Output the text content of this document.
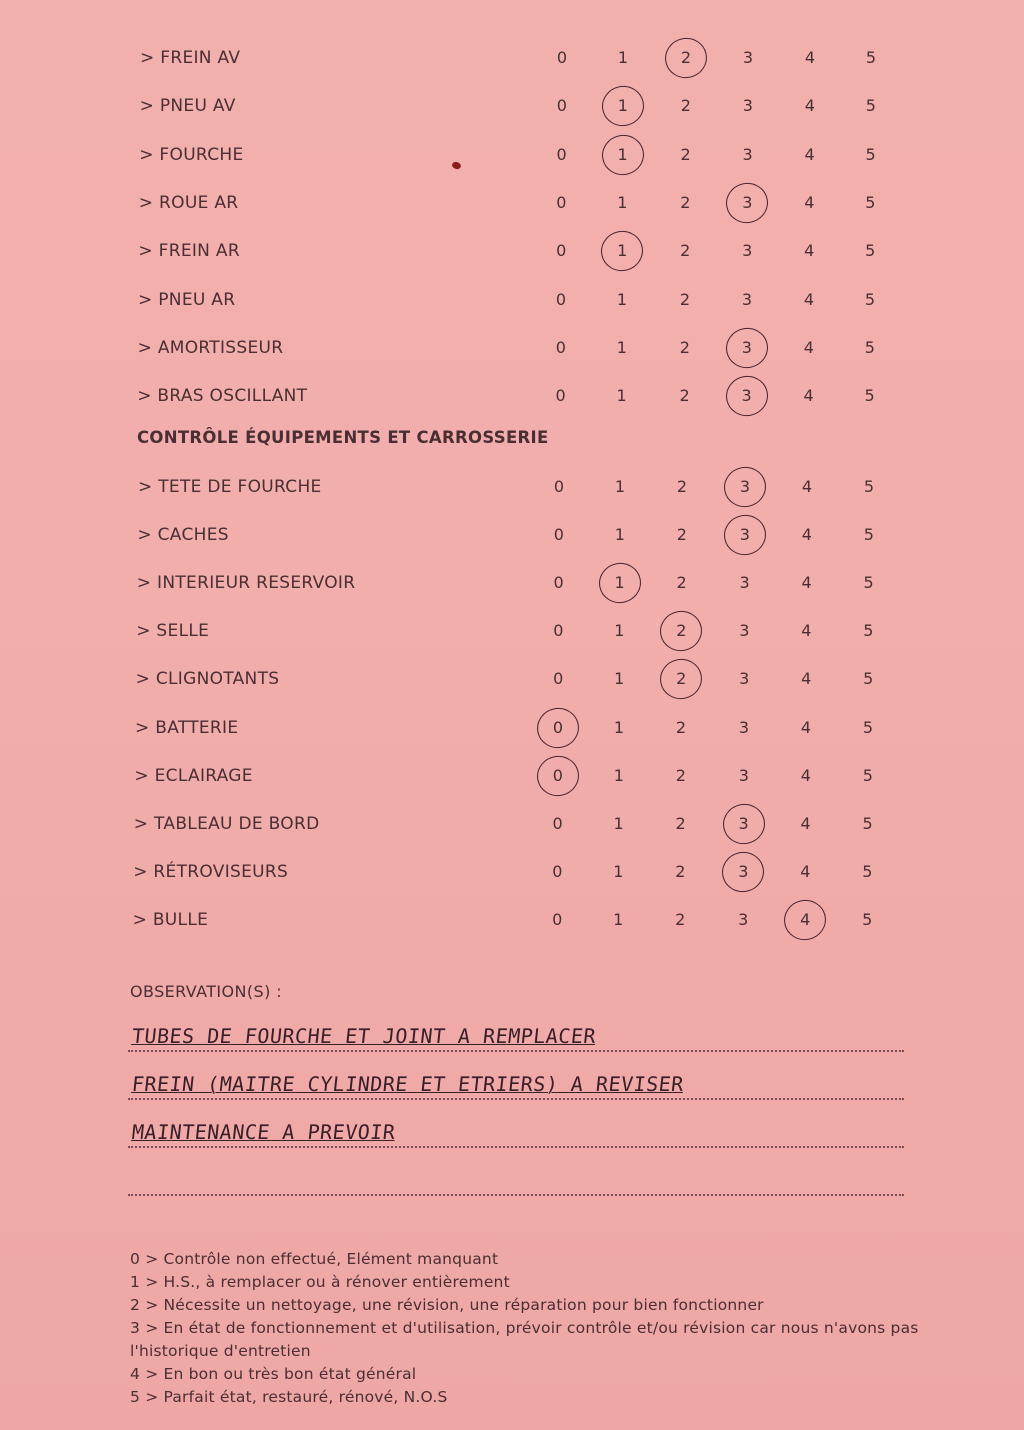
> FREIN AV	0	1	2	3	4	5
> PNEU AV	0	1	2	3	4	5
> FOURCHE	0	1	2	3	4	5
> ROUE AR	0	1	2	3	4	5
> FREIN AR	0	1	2	3	4	5
> PNEU AR	0	1	2	3	4	5
> AMORTISSEUR	0	1	2	3	4	5
> BRAS OSCILLANT	0	1	2	3	4	5
CONTRÔLE ÉQUIPEMENTS ET CARROSSERIE
> TETE DE FOURCHE	0	1	2	3	4	5
> CACHES	0	1	2	3	4	5
> INTERIEUR RESERVOIR	0	1	2	3	4	5
> SELLE	0	1	2	3	4	5
> CLIGNOTANTS	0	1	2	3	4	5
> BATTERIE	0	1	2	3	4	5
> ECLAIRAGE	0	1	2	3	4	5
> TABLEAU DE BORD	0	1	2	3	4	5
> RÉTROVISEURS	0	1	2	3	4	5
> BULLE	0	1	2	3	4	5
OBSERVATION(S) :
TUBES DE FOURCHE ET JOINT A REMPLACER
FREIN (MAITRE CYLINDRE ET ETRIERS) A REVISER
MAINTENANCE A PREVOIR
0 > Contrôle non effectué, Elément manquant
1 > H.S., à remplacer ou à rénover entièrement
2 > Nécessite un nettoyage, une révision, une réparation pour bien fonctionner
3 > En état de fonctionnement et d'utilisation, prévoir contrôle et/ou révision car nous n'avons pas l'historique d'entretien
4 > En bon ou très bon état général
5 > Parfait état, restauré, rénové, N.O.S
